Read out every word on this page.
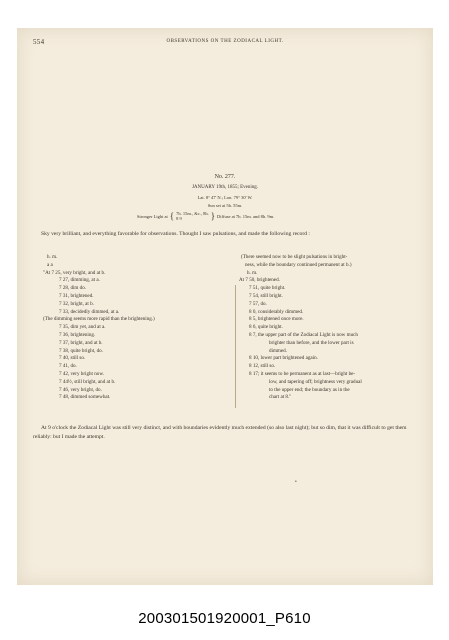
554	OBSERVATIONS ON THE ZODIACAL LIGHT.
No. 277.
JANUARY 19th, 1855; Evening.
Lat. 8° 47' N.; Lon. 79° 30' W.
Sun set at 5h. 55m.
Stronger Light at { 7h. 15m., &c., 8h.
8 9	} Diffuse at 7h. 15m. and 8h. 9m.
Sky very brilliant, and everything favorable for observations. Thought I saw pulsations, and made the following record :
h. m.
a a
"At 7 25, very bright, and at b.
7 27, dimming, at a.
7 28, dim do.
7 31, brightened.
7 32, bright, at b.
7 33, decidedly dimmed, at a.
(The dimming seems more rapid than the brightening.)
7 35, dim yet, and at a.
7 36, brightening.
7 37, bright, and at b.
7 38, quite bright, do.
7 40, still so.
7 41, do.
7 42, very bright now.
7 44½, still bright, and at b.
7 46, very bright, do.
7 48, dimmed somewhat.
(There seemed now to be slight pulsations in bright-
ness, while the boundary continued permanent at b.)
h. m.
At 7 50, brightened.
7 51, quite bright.
7 54, still bright.
7 57, do.
8 0, considerably dimmed.
8 5, brightened once more.
8 6, quite bright.
8 7, the upper part of the Zodiacal Light is now much
brighter than before, and the lower part is
dimmed.
8 10, lower part brightened again.
8 12, still so.
8 17; it seems to be permanent as at last—bright be-
low, and tapering off; brightness very gradual
to the upper end; the boundary as in the
chart at 8."
At 9 o'clock the Zodiacal Light was still very distinct, and with boundaries evidently much extended (so also last night); but so dim, that it was difficult to get them reliably: but I made the attempt.
•
200301501920001_P610
